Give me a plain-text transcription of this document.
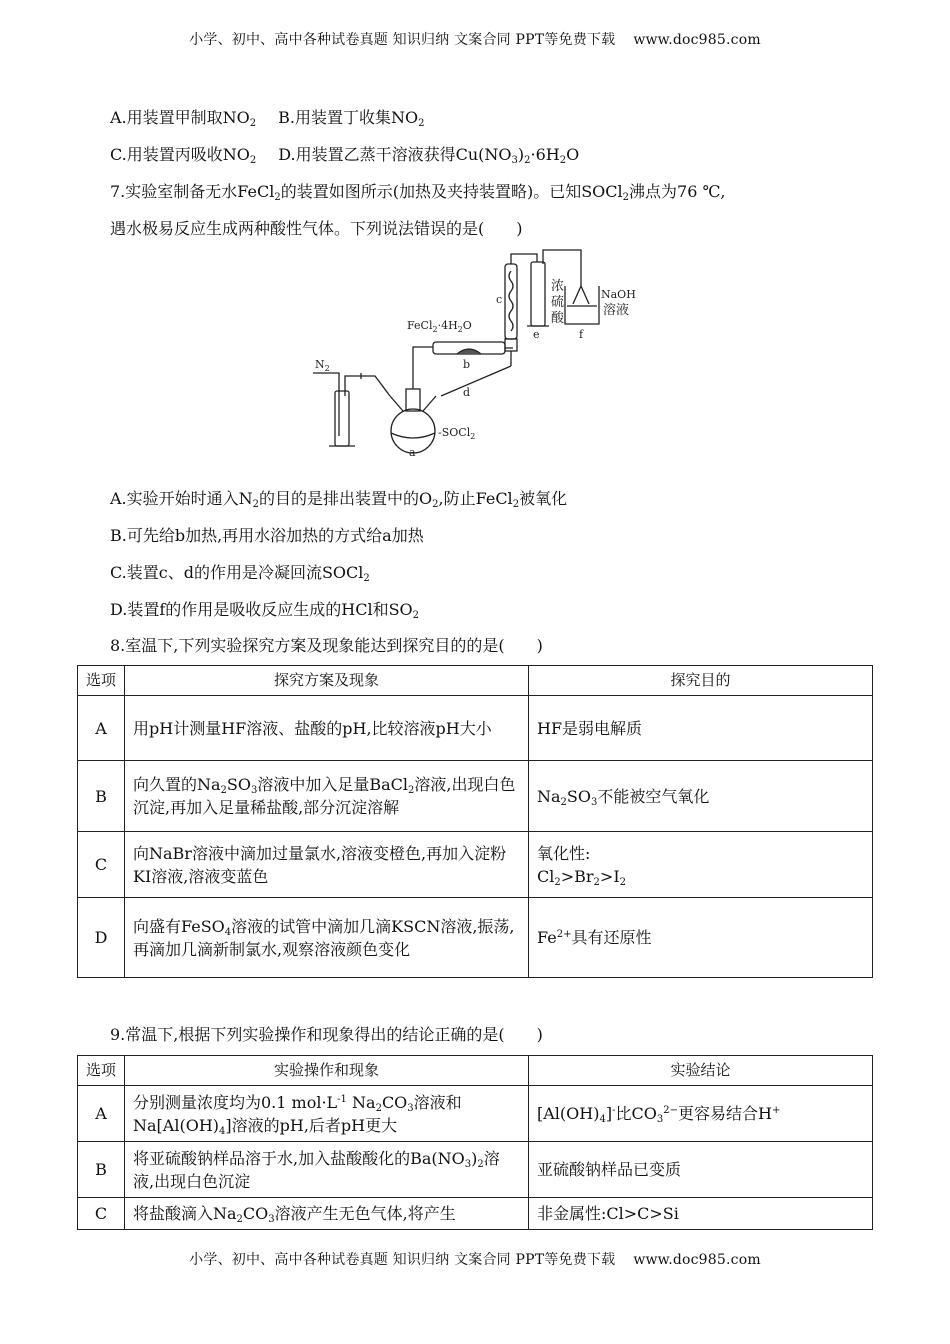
小学、初中、高中各种试卷真题 知识归纳 文案合同 PPT等免费下载 www.doc985.com
A.用装置甲制取$NO_2$ B.用装置丁收集$NO_2$
C.用装置丙吸收$NO_2$ D.用装置乙蒸干溶液获得$Cu(NO_3)_2\cdot 6H_2O$
7.实验室制备无水FeCl$_2$的装置如图所示(加热及夹持装置略)。已知SOCl$_2$沸点为76 ℃,
遇水极易反应生成两种酸性气体。下列说法错误的是(　　)
$N_2$
$FeCl_2\cdot 4H_2O$
-SOCl$_2$
a
b
c
d
e	f
浓
硫
酸
NaOH
溶液
A.实验开始时通入$N_2$的目的是排出装置中的$O_2$,防止FeCl$_2$被氧化
B.可先给b加热,再用水浴加热的方式给a加热
C.装置c、d的作用是冷凝回流SOCl$_2$
D.装置f的作用是吸收反应生成的HCl和$SO_2$
8.室温下,下列实验探究方案及现象能达到探究目的的是(　　)
选项	探究方案及现象	探究目的
A	用pH计测量HF溶液、盐酸的pH,比较溶液pH大小	HF是弱电解质
B	向久置的$Na_2SO_3$溶液中加入足量BaCl$_2$溶液,出现白色沉淀,再加入足量稀盐酸,部分沉淀溶解	$Na_2SO_3$不能被空气氧化
C	向NaBr溶液中滴加过量氯水,溶液变橙色,再加入淀粉KI溶液,溶液变蓝色	氧化性:
$Cl_2>Br_2>I_2$
D	向盛有FeSO$_4$溶液的试管中滴加几滴KSCN溶液,振荡,再滴加几滴新制氯水,观察溶液颜色变化	$Fe^{2+}$具有还原性
9.常温下,根据下列实验操作和现象得出的结论正确的是(　　)
选项	实验操作和现象	实验结论
A	分别测量浓度均为0.1 $mol\cdot L^{-1}$ $Na_2CO_3$溶液和$Na[Al(OH)_4]$溶液的pH,后者pH更大	$[Al(OH)_4]^-$比$CO_3^{2-}$更容易结合H+
B	将亚硫酸钠样品溶于水,加入盐酸酸化的$Ba(NO_3)_2$溶液,出现白色沉淀	亚硫酸钠样品已变质
C	将盐酸滴入$Na_2CO_3$溶液产生无色气体,将产生	非金属性:Cl>C>Si
小学、初中、高中各种试卷真题 知识归纳 文案合同 PPT等免费下载 www.doc985.com
